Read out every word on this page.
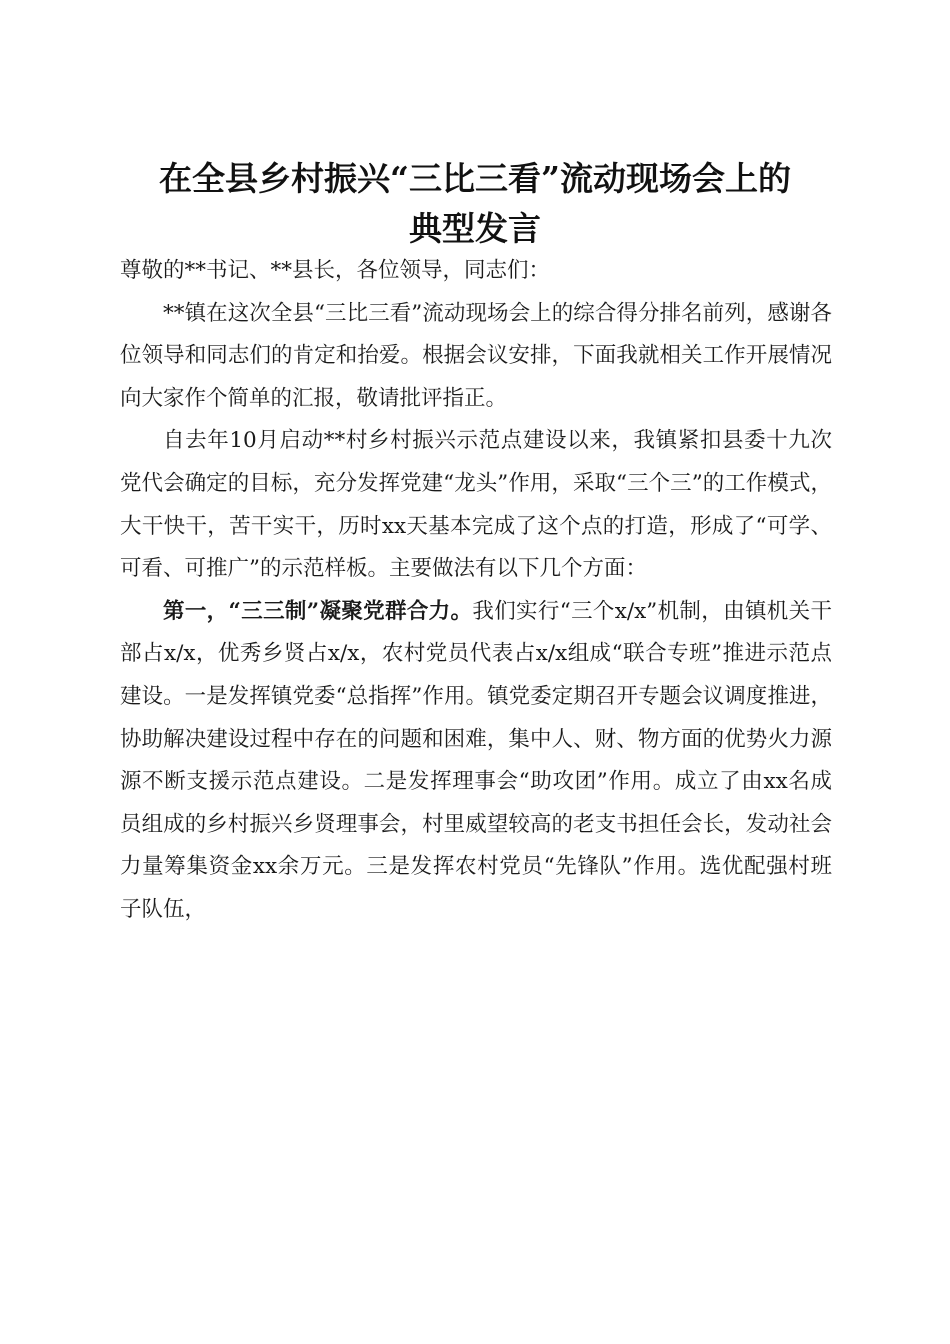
在全县乡村振兴“三比三看”流动现场会上的
典型发言

尊敬的**书记、**县长，各位领导，同志们：

**镇在这次全县“三比三看”流动现场会上的综合得分排名前列，感谢各位领导和同志们的肯定和抬爱。根据会议安排，下面我就相关工作开展情况向大家作个简单的汇报，敬请批评指正。

自去年10月启动**村乡村振兴示范点建设以来，我镇紧扣县委十九次党代会确定的目标，充分发挥党建“龙头”作用，采取“三个三”的工作模式，大干快干，苦干实干，历时xx天基本完成了这个点的打造，形成了“可学、可看、可推广”的示范样板。主要做法有以下几个方面：

第一，“三三制”凝聚党群合力。我们实行“三个x/x”机制，由镇机关干部占x/x，优秀乡贤占x/x，农村党员代表占x/x组成“联合专班”推进示范点建设。一是发挥镇党委“总指挥”作用。镇党委定期召开专题会议调度推进，协助解决建设过程中存在的问题和困难，集中人、财、物方面的优势火力源源不断支援示范点建设。二是发挥理事会“助攻团”作用。成立了由xx名成员组成的乡村振兴乡贤理事会，村里威望较高的老支书担任会长，发动社会力量筹集资金xx余万元。三是发挥农村党员“先锋队”作用。选优配强村班子队伍，
